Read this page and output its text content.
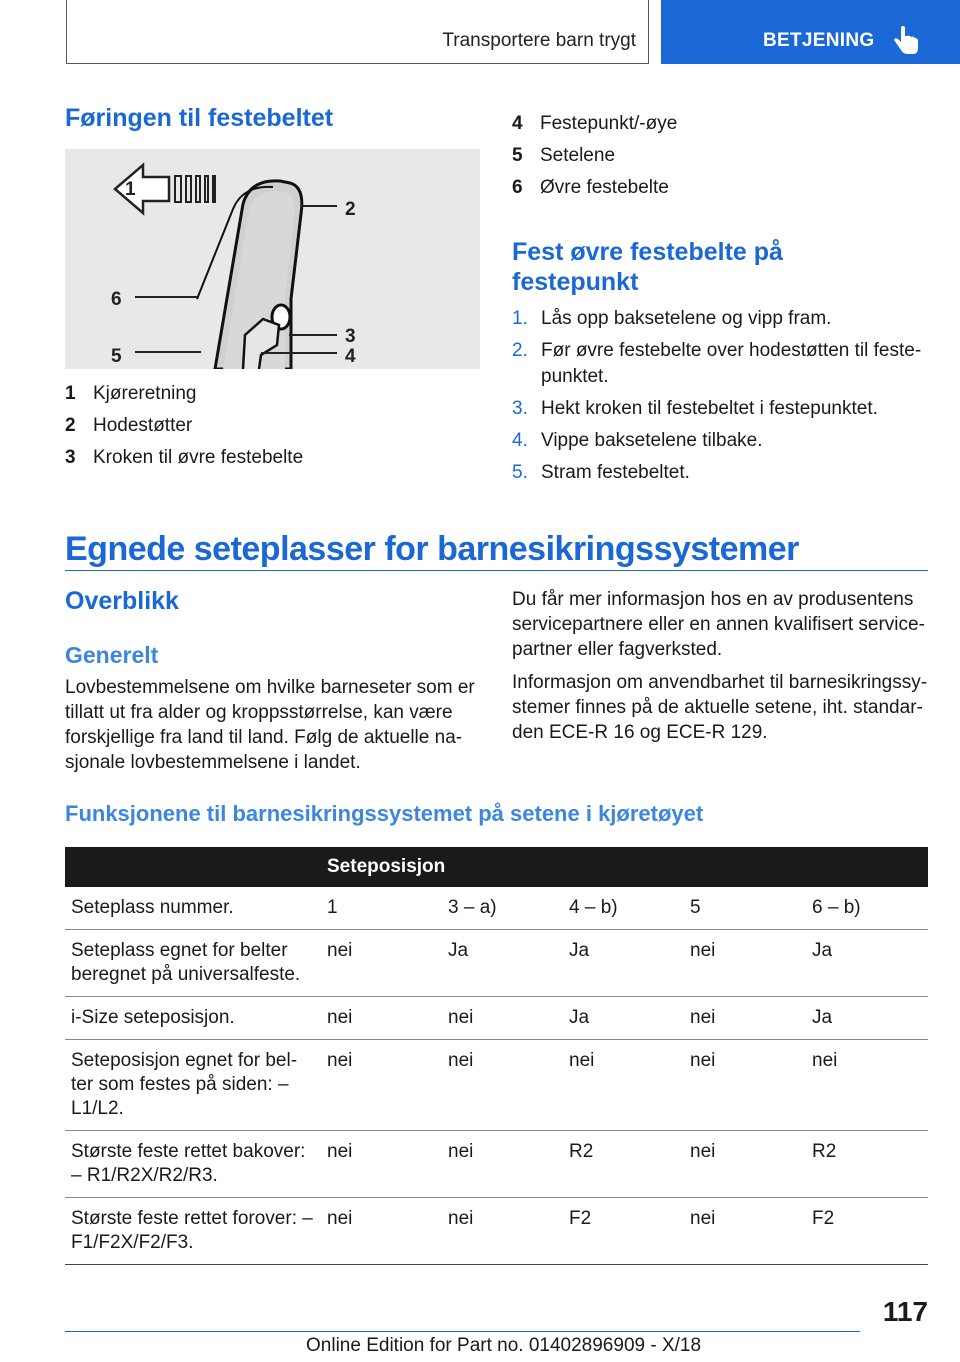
Transportere barn trygt	BETJENING
Føringen til festebeltet
1
2
3
4
5
6
1 Kjøreretning
2 Hodestøtter
3 Kroken til øvre festebelte
4 Festepunkt/-øye
5 Setelene
6 Øvre festebelte
Fest øvre festebelte på festepunkt
1. Lås opp baksetelene og vipp fram.
2. Før øvre festebelte over hodestøtten til feste-punktet.
3. Hekt kroken til festebeltet i festepunktet.
4. Vippe baksetelene tilbake.
5. Stram festebeltet.
Egnede seteplasser for barnesikringssystemer
Overblikk
Generelt
Lovbestemmelsene om hvilke barneseter som er tillatt ut fra alder og kroppsstørrelse, kan være forskjellige fra land til land. Følg de aktuelle na-sjonale lovbestemmelsene i landet.
Du får mer informasjon hos en av produsentens servicepartnere eller en annen kvalifisert service-partner eller fagverksted.
Informasjon om anvendbarhet til barnesikringssy-stemer finnes på de aktuelle setene, iht. standar-den ECE-R 16 og ECE-R 129.
Funksjonene til barnesikringssystemet på setene i kjøretøyet
	Seteposisjon				
Seteplass nummer.	1	3 – a)	4 – b)	5	6 – b)
Seteplass egnet for belter beregnet på universalfeste.	nei	Ja	Ja	nei	Ja
i-Size seteposisjon.	nei	nei	Ja	nei	Ja
Seteposisjon egnet for bel-ter som festes på siden: – L1/L2.	nei	nei	nei	nei	nei
Største feste rettet bakover: – R1/R2X/R2/R3.	nei	nei	R2	nei	R2
Største feste rettet forover: – F1/F2X/F2/F3.	nei	nei	F2	nei	F2
117
Online Edition for Part no. 01402896909 - X/18
